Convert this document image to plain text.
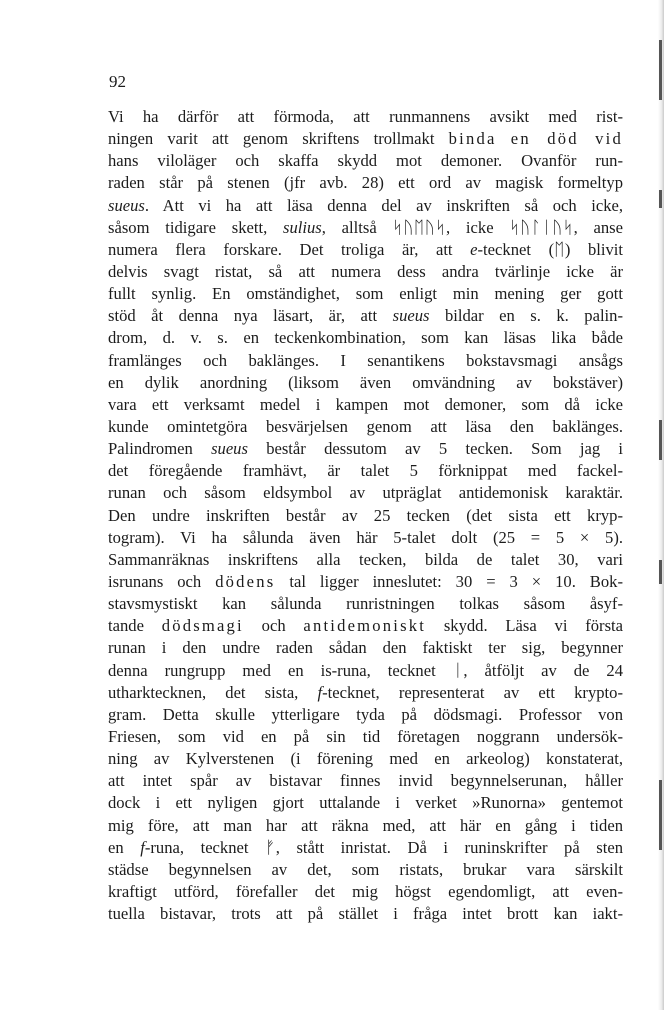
92
Vi ha därför att förmoda, att runmannens avsikt med rist-
ningen varit att genom skriftens trollmakt binda en död vid
hans viloläger och skaffa skydd mot demoner. Ovanför run-
raden står på stenen (jfr avb. 28) ett ord av magisk formeltyp
sueus. Att vi ha att läsa denna del av inskriften så och icke,
såsom tidigare skett, sulius, alltså ᛋᚢᛖᚢᛋ, icke ᛋᚢᛚᛁᚢᛋ, anse
numera flera forskare. Det troliga är, att e-tecknet (ᛖ) blivit
delvis svagt ristat, så att numera dess andra tvärlinje icke är
fullt synlig. En omständighet, som enligt min mening ger gott
stöd åt denna nya läsart, är, att sueus bildar en s. k. palin-
drom, d. v. s. en teckenkombination, som kan läsas lika både
framlänges och baklänges. I senantikens bokstavsmagi ansågs
en dylik anordning (liksom även omvändning av bokstäver)
vara ett verksamt medel i kampen mot demoner, som då icke
kunde omintetgöra besvärjelsen genom att läsa den baklänges.
Palindromen sueus består dessutom av 5 tecken. Som jag i
det föregående framhävt, är talet 5 förknippat med fackel-
runan och såsom eldsymbol av utpräglat antidemonisk karaktär.
Den undre inskriften består av 25 tecken (det sista ett kryp-
togram). Vi ha sålunda även här 5-talet dolt (25 = 5 × 5).
Sammanräknas inskriftens alla tecken, bilda de talet 30, vari
isrunans och dödens tal ligger inneslutet: 30 = 3 × 10. Bok-
stavsmystiskt kan sålunda runristningen tolkas såsom åsyf-
tande dödsmagi och antidemoniskt skydd. Läsa vi första
runan i den undre raden sådan den faktiskt ter sig, begynner
denna rungrupp med en is-runa, tecknet ᛁ, åtföljt av de 24
utharktecknen, det sista, f-tecknet, representerat av ett krypto-
gram. Detta skulle ytterligare tyda på dödsmagi. Professor von
Friesen, som vid en på sin tid företagen noggrann undersök-
ning av Kylverstenen (i förening med en arkeolog) konstaterat,
att intet spår av bistavar finnes invid begynnelserunan, håller
dock i ett nyligen gjort uttalande i verket »Runorna» gentemot
mig före, att man har att räkna med, att här en gång i tiden
en f-runa, tecknet ᚠ, stått inristat. Då i runinskrifter på sten
städse begynnelsen av det, som ristats, brukar vara särskilt
kraftigt utförd, förefaller det mig högst egendomligt, att even-
tuella bistavar, trots att på stället i fråga intet brott kan iakt-
